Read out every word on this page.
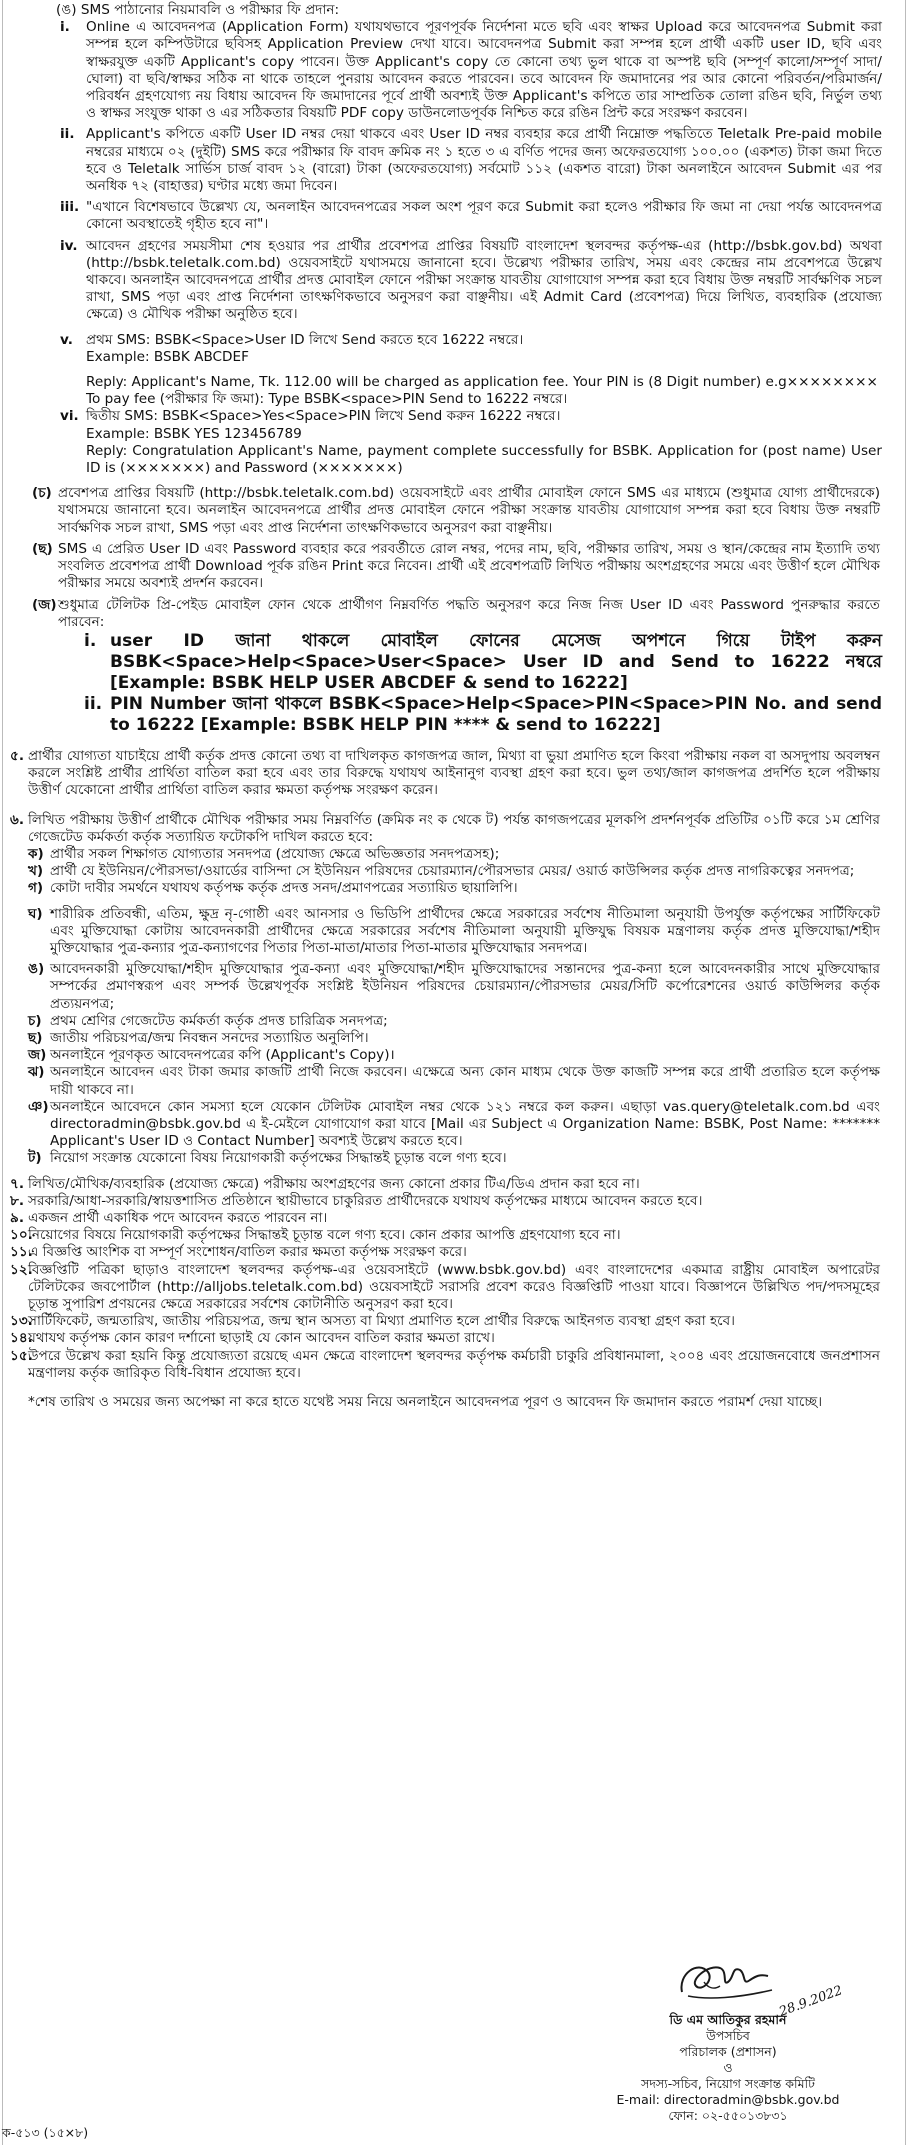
(ঙ) SMS পাঠানোর নিয়মাবলি ও পরীক্ষার ফি প্রদান:
i. Online এ আবেদনপত্র (Application Form) যথাযথভাবে পূরণপূর্বক নির্দেশনা মতে ছবি এবং স্বাক্ষর Upload করে আবেদনপত্র Submit করা সম্পন্ন হলে কম্পিউটারে ছবিসহ Application Preview দেখা যাবে। আবেদনপত্র Submit করা সম্পন্ন হলে প্রার্থী একটি user ID, ছবি এবং স্বাক্ষরযুক্ত একটি Applicant's copy পাবেন। উক্ত Applicant's copy তে কোনো তথ্য ভুল থাকে বা অস্পষ্ট ছবি (সম্পূর্ণ কালো/সম্পূর্ণ সাদা/ঘোলা) বা ছবি/স্বাক্ষর সঠিক না থাকে তাহলে পুনরায় আবেদন করতে পারবেন। তবে আবেদন ফি জমাদানের পর আর কোনো পরিবর্তন/পরিমার্জন/পরিবর্ধন গ্রহণযোগ্য নয় বিধায় আবেদন ফি জমাদানের পূর্বে প্রার্থী অবশ্যই উক্ত Applicant's কপিতে তার সাম্প্রতিক তোলা রঙিন ছবি, নির্ভুল তথ্য ও স্বাক্ষর সংযুক্ত থাকা ও এর সঠিকতার বিষয়টি PDF copy ডাউনলোডপূর্বক নিশ্চিত করে রঙিন প্রিন্ট করে সংরক্ষণ করবেন।
ii. Applicant's কপিতে একটি User ID নম্বর দেয়া থাকবে এবং User ID নম্বর ব্যবহার করে প্রার্থী নিম্নোক্ত পদ্ধতিতে Teletalk Pre-paid mobile নম্বরের মাধ্যমে ০২ (দুইটি) SMS করে পরীক্ষার ফি বাবদ ক্রমিক নং ১ হতে ৩ এ বর্ণিত পদের জন্য অফেরতযোগ্য ১০০.০০ (একশত) টাকা জমা দিতে হবে ও Teletalk সার্ভিস চার্জ বাবদ ১২ (বারো) টাকা (অফেরতযোগ্য) সর্বমোট ১১২ (একশত বারো) টাকা অনলাইনে আবেদন Submit এর পর অনধিক ৭২ (বাহাত্তর) ঘণ্টার মধ্যে জমা দিবেন।
iii. "এখানে বিশেষভাবে উল্লেখ্য যে, অনলাইন আবেদনপত্রের সকল অংশ পূরণ করে Submit করা হলেও পরীক্ষার ফি জমা না দেয়া পর্যন্ত আবেদনপত্র কোনো অবস্থাতেই গৃহীত হবে না"।
iv. আবেদন গ্রহণের সময়সীমা শেষ হওয়ার পর প্রার্থীর প্রবেশপত্র প্রাপ্তির বিষয়টি বাংলাদেশ স্থলবন্দর কর্তৃপক্ষ-এর (http://bsbk.gov.bd) অথবা (http://bsbk.teletalk.com.bd) ওয়েবসাইটে যথাসময়ে জানানো হবে। উল্লেখ্য পরীক্ষার তারিখ, সময় এবং কেন্দ্রের নাম প্রবেশপত্রে উল্লেখ থাকবে। অনলাইন আবেদনপত্রে প্রার্থীর প্রদত্ত মোবাইল ফোনে পরীক্ষা সংক্রান্ত যাবতীয় যোগাযোগ সম্পন্ন করা হবে বিধায় উক্ত নম্বরটি সার্বক্ষণিক সচল রাখা, SMS পড়া এবং প্রাপ্ত নির্দেশনা তাৎক্ষণিকভাবে অনুসরণ করা বাঞ্ছনীয়। এই Admit Card (প্রবেশপত্র) দিয়ে লিখিত, ব্যবহারিক (প্রযোজ্য ক্ষেত্রে) ও মৌখিক পরীক্ষা অনুষ্ঠিত হবে।
v. প্রথম SMS: BSBK<Space>User ID লিখে Send করতে হবে 16222 নম্বরে।
Example: BSBK ABCDEF
Reply: Applicant's Name, Tk. 112.00 will be charged as application fee. Your PIN is (8 Digit number) e.g××××××××
To pay fee (পরীক্ষার ফি জমা): Type BSBK<space>PIN Send to 16222 নম্বরে।
vi. দ্বিতীয় SMS: BSBK<Space>Yes<Space>PIN লিখে Send করুন 16222 নম্বরে।
Example: BSBK YES 123456789
Reply: Congratulation Applicant's Name, payment complete successfully for BSBK. Application for (post name) User ID is (×××××××) and Password (×××××××)
(চ) প্রবেশপত্র প্রাপ্তির বিষয়টি (http://bsbk.teletalk.com.bd) ওয়েবসাইটে এবং প্রার্থীর মোবাইল ফোনে SMS এর মাধ্যমে (শুধুমাত্র যোগ্য প্রার্থীদেরকে) যথাসময়ে জানানো হবে। অনলাইন আবেদনপত্রে প্রার্থীর প্রদত্ত মোবাইল ফোনে পরীক্ষা সংক্রান্ত যাবতীয় যোগাযোগ সম্পন্ন করা হবে বিধায় উক্ত নম্বরটি সার্বক্ষণিক সচল রাখা, SMS পড়া এবং প্রাপ্ত নির্দেশনা তাৎক্ষণিকভাবে অনুসরণ করা বাঞ্ছনীয়।
(ছ) SMS এ প্রেরিত User ID এবং Password ব্যবহার করে পরবর্তীতে রোল নম্বর, পদের নাম, ছবি, পরীক্ষার তারিখ, সময় ও স্থান/কেন্দ্রের নাম ইত্যাদি তথ্য সংবলিত প্রবেশপত্র প্রার্থী Download পূর্বক রঙিন Print করে নিবেন। প্রার্থী এই প্রবেশপত্রটি লিখিত পরীক্ষায় অংশগ্রহণের সময়ে এবং উত্তীর্ণ হলে মৌখিক পরীক্ষার সময়ে অবশ্যই প্রদর্শন করবেন।
(জ) শুধুমাত্র টেলিটক প্রি-পেইড মোবাইল ফোন থেকে প্রার্থীগণ নিম্নবর্ণিত পদ্ধতি অনুসরণ করে নিজ নিজ User ID এবং Password পুনরুদ্ধার করতে পারবেন:
i. user ID জানা থাকলে মোবাইল ফোনের মেসেজ অপশনে গিয়ে টাইপ করুন BSBK<Space>Help<Space>User<Space> User ID and Send to 16222 নম্বরে [Example: BSBK HELP USER ABCDEF & send to 16222]
ii. PIN Number জানা থাকলে BSBK<Space>Help<Space>PIN<Space>PIN No. and send to 16222 [Example: BSBK HELP PIN **** & send to 16222]
৫. প্রার্থীর যোগ্যতা যাচাইয়ে প্রার্থী কর্তৃক প্রদত্ত কোনো তথ্য বা দাখিলকৃত কাগজপত্র জাল, মিথ্যা বা ভুয়া প্রমাণিত হলে কিংবা পরীক্ষায় নকল বা অসদুপায় অবলম্বন করলে সংশ্লিষ্ট প্রার্থীর প্রার্থিতা বাতিল করা হবে এবং তার বিরুদ্ধে যথাযথ আইনানুগ ব্যবস্থা গ্রহণ করা হবে। ভুল তথ্য/জাল কাগজপত্র প্রদর্শিত হলে পরীক্ষায় উত্তীর্ণ যেকোনো প্রার্থীর প্রার্থিতা বাতিল করার ক্ষমতা কর্তৃপক্ষ সংরক্ষণ করেন।
৬. লিখিত পরীক্ষায় উত্তীর্ণ প্রার্থীকে মৌখিক পরীক্ষার সময় নিম্নবর্ণিত (ক্রমিক নং ক থেকে ট) পর্যন্ত কাগজপত্রের মূলকপি প্রদর্শনপূর্বক প্রতিটির ০১টি করে ১ম শ্রেণির গেজেটেড কর্মকর্তা কর্তৃক সত্যায়িত ফটোকপি দাখিল করতে হবে:
ক) প্রার্থীর সকল শিক্ষাগত যোগ্যতার সনদপত্র (প্রযোজ্য ক্ষেত্রে অভিজ্ঞতার সনদপত্রসহ);
খ) প্রার্থী যে ইউনিয়ন/পৌরসভা/ওয়ার্ডের বাসিন্দা সে ইউনিয়ন পরিষদের চেয়ারম্যান/পৌরসভার মেয়র/ ওয়ার্ড কাউন্সিলর কর্তৃক প্রদত্ত নাগরিকত্বের সনদপত্র;
গ) কোটা দাবীর সমর্থনে যথাযথ কর্তৃপক্ষ কর্তৃক প্রদত্ত সনদ/প্রমাণপত্রের সত্যায়িত ছায়ালিপি।
ঘ) শারীরিক প্রতিবন্ধী, এতিম, ক্ষুদ্র নৃ-গোষ্ঠী এবং আনসার ও ভিডিপি প্রার্থীদের ক্ষেত্রে সরকারের সর্বশেষ নীতিমালা অনুযায়ী উপর্যুক্ত কর্তৃপক্ষের সার্টিফিকেট এবং মুক্তিযোদ্ধা কোটায় আবেদনকারী প্রার্থীদের ক্ষেত্রে সরকারের সর্বশেষ নীতিমালা অনুযায়ী মুক্তিযুদ্ধ বিষয়ক মন্ত্রণালয় কর্তৃক প্রদত্ত মুক্তিযোদ্ধা/শহীদ মুক্তিযোদ্ধার পুত্র-কন্যার পুত্র-কন্যাগণের পিতার পিতা-মাতা/মাতার পিতা-মাতার মুক্তিযোদ্ধার সনদপত্র।
ঙ) আবেদনকারী মুক্তিযোদ্ধা/শহীদ মুক্তিযোদ্ধার পুত্র-কন্যা এবং মুক্তিযোদ্ধা/শহীদ মুক্তিযোদ্ধাদের সন্তানদের পুত্র-কন্যা হলে আবেদনকারীর সাথে মুক্তিযোদ্ধার সম্পর্কের প্রমাণস্বরূপ এবং সম্পর্ক উল্লেখপূর্বক সংশ্লিষ্ট ইউনিয়ন পরিষদের চেয়ারম্যান/পৌরসভার মেয়র/সিটি কর্পোরেশনের ওয়ার্ড কাউন্সিলর কর্তৃক প্রত্যয়নপত্র;
চ) প্রথম শ্রেণির গেজেটেড কর্মকর্তা কর্তৃক প্রদত্ত চারিত্রিক সনদপত্র;
ছ) জাতীয় পরিচয়পত্র/জন্ম নিবন্ধন সনদের সত্যায়িত অনুলিপি।
জ) অনলাইনে পূরণকৃত আবেদনপত্রের কপি (Applicant's Copy)।
ঝ) অনলাইনে আবেদন এবং টাকা জমার কাজটি প্রার্থী নিজে করবেন। এক্ষেত্রে অন্য কোন মাধ্যম থেকে উক্ত কাজটি সম্পন্ন করে প্রার্থী প্রতারিত হলে কর্তৃপক্ষ দায়ী থাকবে না।
ঞ) অনলাইনে আবেদনে কোন সমস্যা হলে যেকোন টেলিটক মোবাইল নম্বর থেকে ১২১ নম্বরে কল করুন। এছাড়া vas.query@teletalk.com.bd এবং directoradmin@bsbk.gov.bd এ ই-মেইলে যোগাযোগ করা যাবে [Mail এর Subject এ Organization Name: BSBK, Post Name: ******* Applicant's User ID ও Contact Number] অবশ্যই উল্লেখ করতে হবে।
ট) নিয়োগ সংক্রান্ত যেকোনো বিষয় নিয়োগকারী কর্তৃপক্ষের সিদ্ধান্তই চূড়ান্ত বলে গণ্য হবে।
৭. লিখিত/মৌখিক/ব্যবহারিক (প্রযোজ্য ক্ষেত্রে) পরীক্ষায় অংশগ্রহণের জন্য কোনো প্রকার টিএ/ডিএ প্রদান করা হবে না।
৮. সরকারি/আধা-সরকারি/স্বায়ত্তশাসিত প্রতিষ্ঠানে স্থায়ীভাবে চাকুরিরত প্রার্থীদেরকে যথাযথ কর্তৃপক্ষের মাধ্যমে আবেদন করতে হবে।
৯. একজন প্রার্থী একাধিক পদে আবেদন করতে পারবেন না।
১০.
নিয়োগের বিষয়ে নিয়োগকারী কর্তৃপক্ষের সিদ্ধান্তই চূড়ান্ত বলে গণ্য হবে। কোন প্রকার আপত্তি গ্রহণযোগ্য হবে না।
১১.
এ বিজ্ঞপ্তি আংশিক বা সম্পূর্ণ সংশোধন/বাতিল করার ক্ষমতা কর্তৃপক্ষ সংরক্ষণ করে।
১২.
বিজ্ঞপ্তিটি পত্রিকা ছাড়াও বাংলাদেশ স্থলবন্দর কর্তৃপক্ষ-এর ওয়েবসাইটে (www.bsbk.gov.bd) এবং বাংলাদেশের একমাত্র রাষ্ট্রীয় মোবাইল অপারেটর টেলিটকের জবপোর্টাল (http://alljobs.teletalk.com.bd) ওয়েবসাইটে সরাসরি প্রবেশ করেও বিজ্ঞপ্তিটি পাওয়া যাবে। বিজ্ঞাপনে উল্লিখিত পদ/পদসমূহের চূড়ান্ত সুপারিশ প্রণয়নের ক্ষেত্রে সরকারের সর্বশেষ কোটানীতি অনুসরণ করা হবে।
১৩.
সার্টিফিকেট, জন্মতারিখ, জাতীয় পরিচয়পত্র, জন্ম স্থান অসত্য বা মিথ্যা প্রমাণিত হলে প্রার্থীর বিরুদ্ধে আইনগত ব্যবস্থা গ্রহণ করা হবে।
১৪.
যথাযথ কর্তৃপক্ষ কোন কারণ দর্শানো ছাড়াই যে কোন আবেদন বাতিল করার ক্ষমতা রাখে।
১৫.
উপরে উল্লেখ করা হয়নি কিন্তু প্রযোজ্যতা রয়েছে এমন ক্ষেত্রে বাংলাদেশ স্থলবন্দর কর্তৃপক্ষ কর্মচারী চাকুরি প্রবিধানমালা, ২০০৪ এবং প্রয়োজনবোধে জনপ্রশাসন মন্ত্রণালয় কর্তৃক জারিকৃত বিধি-বিধান প্রযোজ্য হবে।
*শেষ তারিখ ও সময়ের জন্য অপেক্ষা না করে হাতে যথেষ্ট সময় নিয়ে অনলাইনে আবেদনপত্র পূরণ ও আবেদন ফি জমাদান করতে পরামর্শ দেয়া যাচ্ছে।
28.9.2022
ডি এম আতিকুর রহমান
উপসচিব
পরিচালক (প্রশাসন)
ও
সদস্য-সচিব, নিয়োগ সংক্রান্ত কমিটি
E-mail: directoradmin@bsbk.gov.bd
ফোন: ০২-৫৫০১৩৮৩১
ক-৫১৩ (১৫×৮)
